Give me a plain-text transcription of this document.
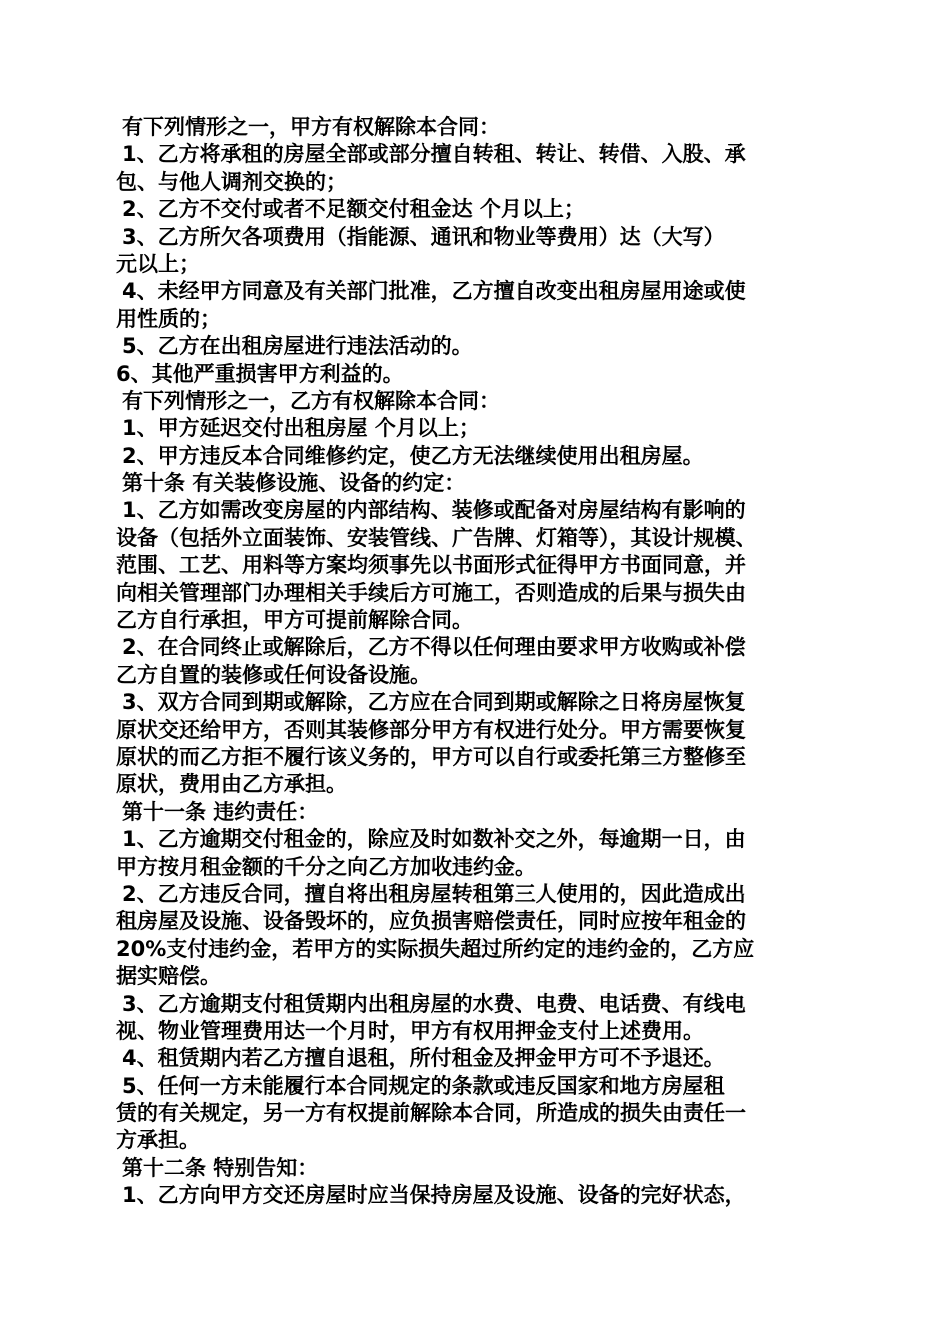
有下列情形之一，甲方有权解除本合同：
1、乙方将承租的房屋全部或部分擅自转租、转让、转借、入股、承
包、与他人调剂交换的；
2、乙方不交付或者不足额交付租金达 个月以上；
3、乙方所欠各项费用（指能源、通讯和物业等费用）达（大写）
元以上；
4、未经甲方同意及有关部门批准，乙方擅自改变出租房屋用途或使
用性质的；
5、乙方在出租房屋进行违法活动的。
6、其他严重损害甲方利益的。
有下列情形之一，乙方有权解除本合同：
1、甲方延迟交付出租房屋 个月以上；
2、甲方违反本合同维修约定，使乙方无法继续使用出租房屋。
第十条 有关装修设施、设备的约定：
1、乙方如需改变房屋的内部结构、装修或配备对房屋结构有影响的
设备（包括外立面装饰、安装管线、广告牌、灯箱等），其设计规模、
范围、工艺、用料等方案均须事先以书面形式征得甲方书面同意，并
向相关管理部门办理相关手续后方可施工，否则造成的后果与损失由
乙方自行承担，甲方可提前解除合同。
2、在合同终止或解除后，乙方不得以任何理由要求甲方收购或补偿
乙方自置的装修或任何设备设施。
3、双方合同到期或解除，乙方应在合同到期或解除之日将房屋恢复
原状交还给甲方，否则其装修部分甲方有权进行处分。甲方需要恢复
原状的而乙方拒不履行该义务的，甲方可以自行或委托第三方整修至
原状，费用由乙方承担。
第十一条 违约责任：
1、乙方逾期交付租金的，除应及时如数补交之外，每逾期一日，由
甲方按月租金额的千分之向乙方加收违约金。
2、乙方违反合同，擅自将出租房屋转租第三人使用的，因此造成出
租房屋及设施、设备毁坏的，应负损害赔偿责任，同时应按年租金的
20%支付违约金，若甲方的实际损失超过所约定的违约金的，乙方应
据实赔偿。
3、乙方逾期支付租赁期内出租房屋的水费、电费、电话费、有线电
视、物业管理费用达一个月时，甲方有权用押金支付上述费用。
4、租赁期内若乙方擅自退租，所付租金及押金甲方可不予退还。
5、任何一方未能履行本合同规定的条款或违反国家和地方房屋租
赁的有关规定，另一方有权提前解除本合同，所造成的损失由责任一
方承担。
第十二条 特别告知：
1、乙方向甲方交还房屋时应当保持房屋及设施、设备的完好状态，
